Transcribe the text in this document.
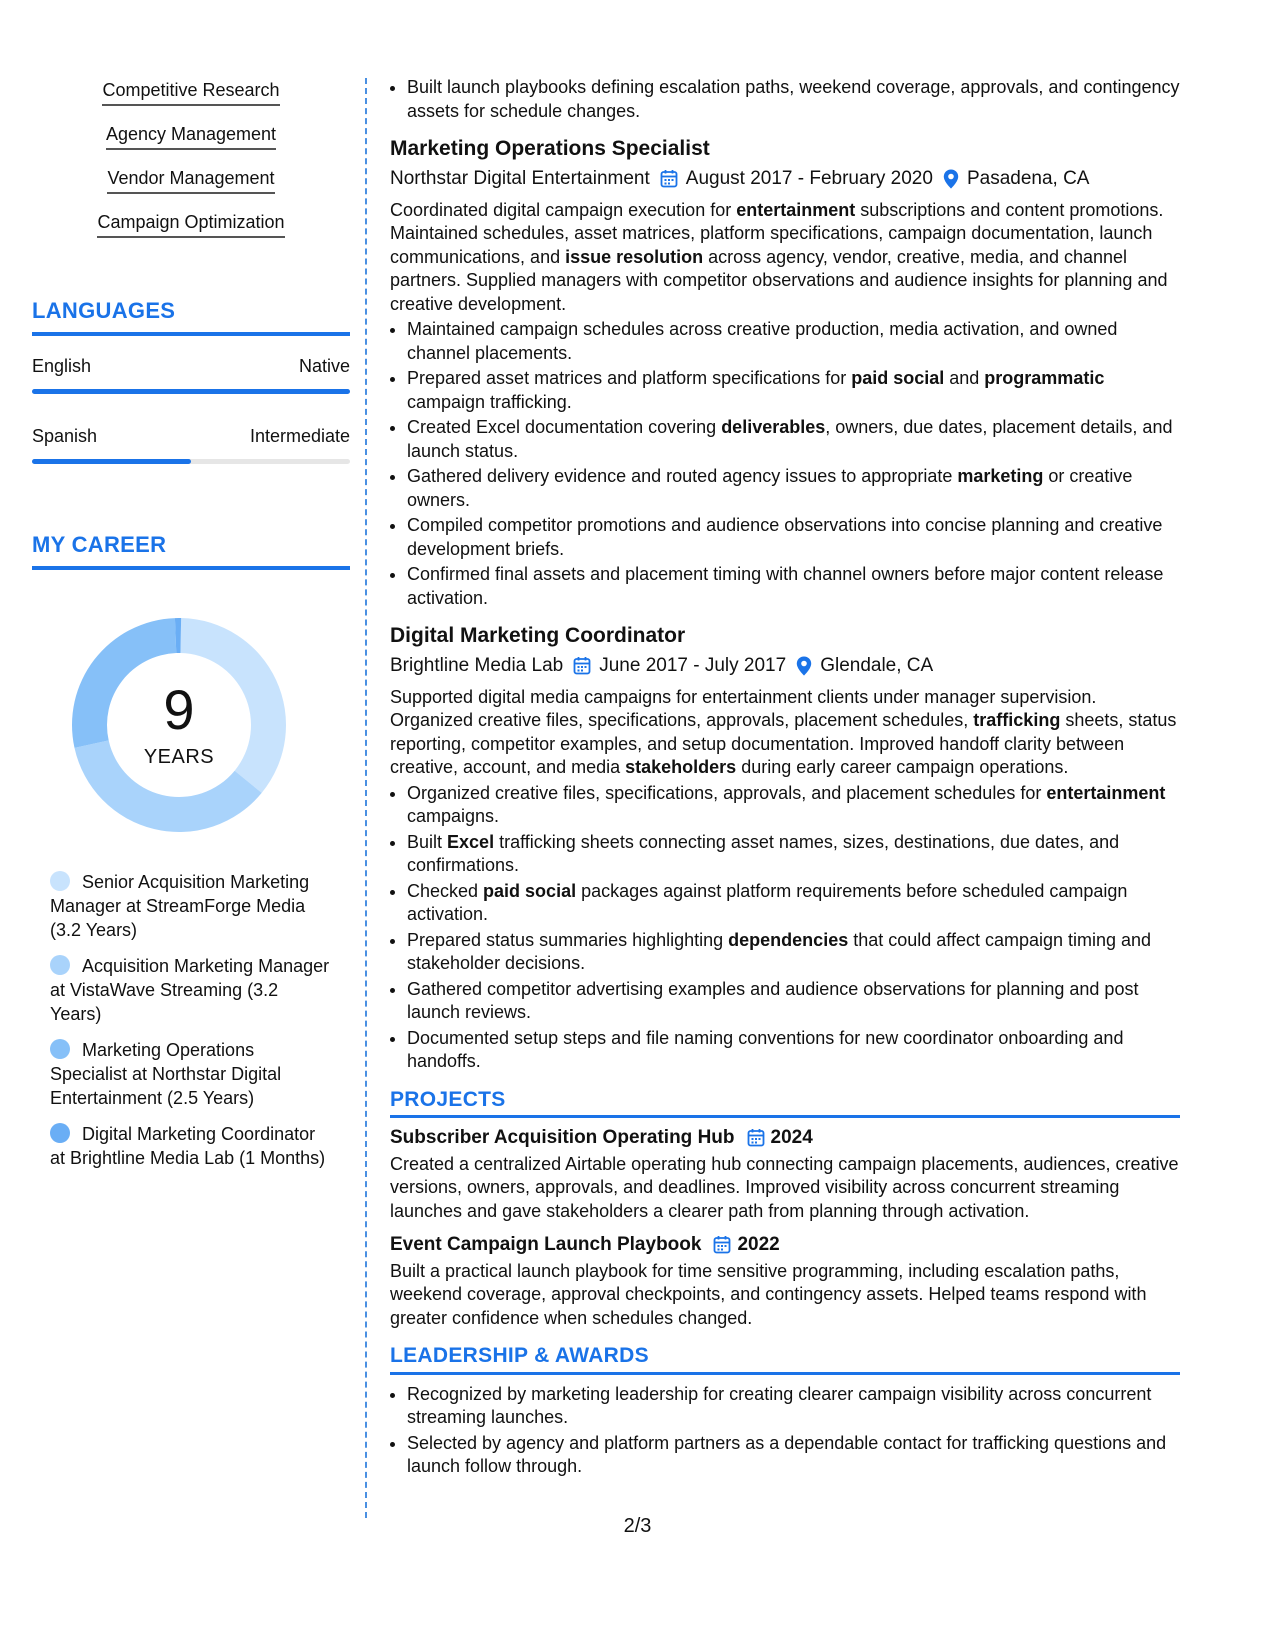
Competitive Research
Agency Management
Vendor Management
Campaign Optimization
LANGUAGES
English	Native
Spanish	Intermediate
MY CAREER
9
YEARS
Senior Acquisition Marketing Manager at StreamForge Media (3.2 Years)
Acquisition Marketing Manager at VistaWave Streaming (3.2 Years)
Marketing Operations Specialist at Northstar Digital Entertainment (2.5 Years)
Digital Marketing Coordinator at Brightline Media Lab (1 Months)
• Built launch playbooks defining escalation paths, weekend coverage, approvals, and contingency assets for schedule changes.
Marketing Operations Specialist
Northstar Digital Entertainment August 2017 - February 2020 Pasadena, CA
Coordinated digital campaign execution for entertainment subscriptions and content promotions. Maintained schedules, asset matrices, platform specifications, campaign documentation, launch communications, and issue resolution across agency, vendor, creative, media, and channel partners. Supplied managers with competitor observations and audience insights for planning and creative development.
• Maintained campaign schedules across creative production, media activation, and owned channel placements.
• Prepared asset matrices and platform specifications for paid social and programmatic campaign trafficking.
• Created Excel documentation covering deliverables, owners, due dates, placement details, and launch status.
• Gathered delivery evidence and routed agency issues to appropriate marketing or creative owners.
• Compiled competitor promotions and audience observations into concise planning and creative development briefs.
• Confirmed final assets and placement timing with channel owners before major content release activation.
Digital Marketing Coordinator
Brightline Media Lab June 2017 - July 2017 Glendale, CA
Supported digital media campaigns for entertainment clients under manager supervision. Organized creative files, specifications, approvals, placement schedules, trafficking sheets, status reporting, competitor examples, and setup documentation. Improved handoff clarity between creative, account, and media stakeholders during early career campaign operations.
• Organized creative files, specifications, approvals, and placement schedules for entertainment campaigns.
• Built Excel trafficking sheets connecting asset names, sizes, destinations, due dates, and confirmations.
• Checked paid social packages against platform requirements before scheduled campaign activation.
• Prepared status summaries highlighting dependencies that could affect campaign timing and stakeholder decisions.
• Gathered competitor advertising examples and audience observations for planning and post launch reviews.
• Documented setup steps and file naming conventions for new coordinator onboarding and handoffs.
PROJECTS
Subscriber Acquisition Operating Hub 2024
Created a centralized Airtable operating hub connecting campaign placements, audiences, creative versions, owners, approvals, and deadlines. Improved visibility across concurrent streaming launches and gave stakeholders a clearer path from planning through activation.
Event Campaign Launch Playbook 2022
Built a practical launch playbook for time sensitive programming, including escalation paths, weekend coverage, approval checkpoints, and contingency assets. Helped teams respond with greater confidence when schedules changed.
LEADERSHIP & AWARDS
• Recognized by marketing leadership for creating clearer campaign visibility across concurrent streaming launches.
• Selected by agency and platform partners as a dependable contact for trafficking questions and launch follow through.
2/3
